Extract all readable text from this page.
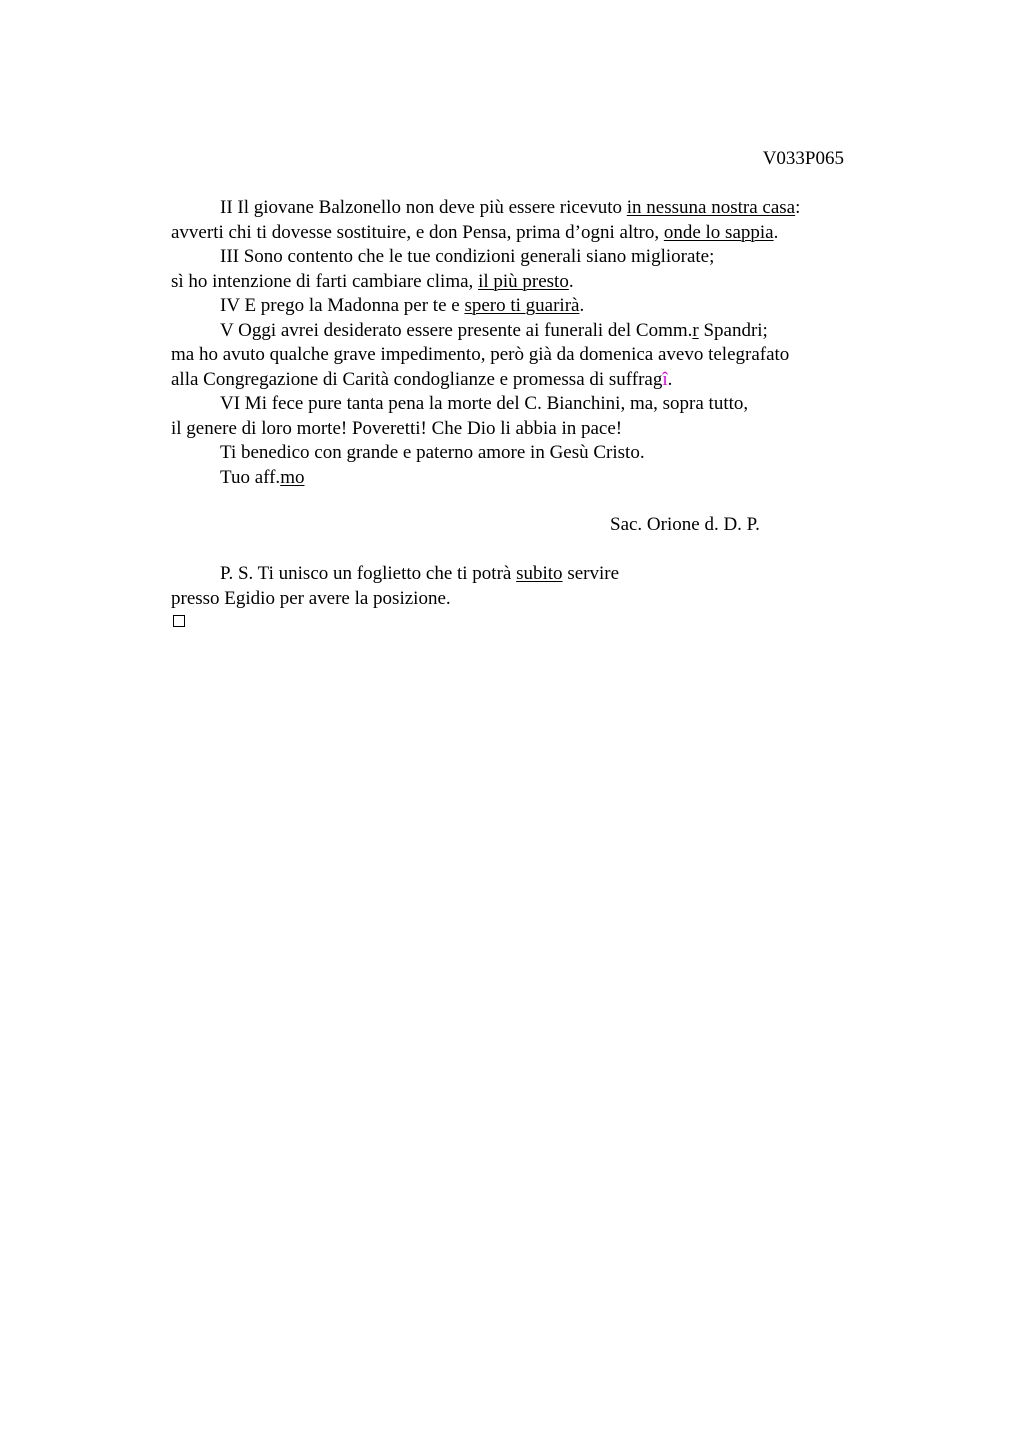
V033P065
II Il giovane Balzonello non deve più essere ricevuto in nessuna nostra casa:
avverti chi ti dovesse sostituire, e don Pensa, prima d’ogni altro, onde lo sappia.
III Sono contento che le tue condizioni generali siano migliorate;
sì ho intenzione di farti cambiare clima, il più presto.
IV E prego la Madonna per te e spero ti guarirà.
V Oggi avrei desiderato essere presente ai funerali del Comm.r Spandri;
ma ho avuto qualche grave impedimento, però già da domenica avevo telegrafato
alla Congregazione di Carità condoglianze e promessa di suffragî.
VI Mi fece pure tanta pena la morte del C. Bianchini, ma, sopra tutto,
il genere di loro morte! Poveretti! Che Dio li abbia in pace!
Ti benedico con grande e paterno amore in Gesù Cristo.
Tuo aff.mo
Sac. Orione d. D. P.
P. S. Ti unisco un foglietto che ti potrà subito servire
presso Egidio per avere la posizione.
